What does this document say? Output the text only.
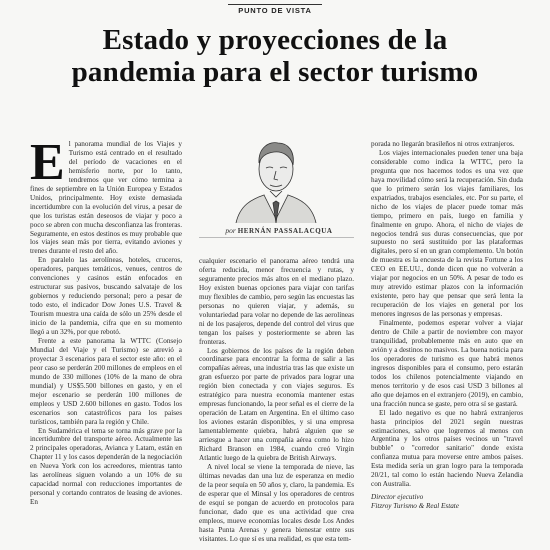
PUNTO DE VISTA
Estado y proyecciones de la
pandemia para el sector turismo

El panorama mundial de los Viajes y Turismo está centrado en el resultado del período de vacaciones en el hemisferio norte, por lo tanto, tendremos que ver cómo termina a fines de septiembre en la Unión Europea y Estados Unidos, principalmente. Hoy existe demasiada incertidumbre con la evolución del virus, a pesar de que los turistas están deseosos de viajar y poco a poco se abren con mucha desconfianza las fronteras. Seguramente, en estos destinos es muy probable que los viajes sean más por tierra, evitando aviones y trenes durante el resto del año.

En paralelo las aerolíneas, hoteles, cruceros, operadores, parques temáticos, venues, centros de convenciones y casinos están enfocados en estructurar sus pasivos, buscando salvataje de los gobiernos y reduciendo personal; pero a pesar de todo esto, el indicador Dow Jones U.S. Travel & Tourism muestra una caída de sólo un 25% desde el inicio de la pandemia, cifra que en su momento llegó a un 32%, por que rebotó.

Frente a este panorama la WTTC (Consejo Mundial del Viaje y el Turismo) se atrevió a proyectar 3 escenarios para el sector este año: en el peor caso se perderán 200 millones de empleos en el mundo de 330 millones (10% de la mano de obra mundial) y US$5.500 billones en gasto, y en el mejor escenario se perderán 100 millones de empleos y USD 2.600 billones en gasto. Todos los escenarios son catastróficos para los países turísticos, también para la región y Chile.

En Sudamérica el tema se torna más grave por la incertidumbre del transporte aéreo. Actualmente las 2 principales operadoras, Avianca y Latam, están en Chapter 11 y los casos dependerán de la negociación en Nueva York con los acreedores, mientras tanto las aerolíneas siguen volando a un 10% de su capacidad normal con reducciones importantes de personal y cortando contratos de leasing de aviones. En

por HERNÁN PASSALACQUA

cualquier escenario el panorama aéreo tendrá una oferta reducida, menor frecuencia y rutas, y seguramente precios más altos en el mediano plazo. Hoy existen buenas opciones para viajar con tarifas muy flexibles de cambio, pero según las encuestas las personas no quieren viajar, y además, su voluntariedad para volar no depende de las aerolíneas ni de los pasajeros, depende del control del virus que tengan los países y posteriormente se abren las fronteras.

Los gobiernos de los países de la región deben coordinarse para encontrar la forma de salir a las compañías aéreas, una industria tras las que existe un gran esfuerzo por parte de privados para lograr una región bien conectada y con viajes seguros. Es estratégico para nuestra economía mantener estas empresas funcionando, la peor señal es el cierre de la operación de Latam en Argentina. En el último caso los aviones estarán disponibles, y si una empresa lamentablemente quiebra, habrá alguien que se arriesgue a hacer una compañía aérea como lo hizo Richard Branson en 1984, cuando creó Virgin Atlantic luego de la quiebra de British Airways.

A nivel local se viene la temporada de nieve, las últimas nevadas dan una luz de esperanza en medio de la peor sequía en 50 años y, claro, la pandemia. Es de esperar que el Minsal y los operadores de centros de esquí se pongan de acuerdo en protocolos para funcionar, dado que es una actividad que crea empleos, mueve economías locales desde Los Andes hasta Punta Arenas y genera bienestar entre sus visitantes. Lo que sí es una realidad, es que esta tem-

porada no llegarán brasileños ni otros extranjeros.

Los viajes internacionales pueden tener una baja considerable como indica la WTTC, pero la pregunta que nos hacemos todos es una vez que haya movilidad cómo será la recuperación. Sin duda que lo primero serán los viajes familiares, los expatriados, trabajos esenciales, etc. Por su parte, el nicho de los viajes de placer puede tomar más tiempo, primero en país, luego en familia y finalmente en grupo. Ahora, el nicho de viajes de negocios tendrá sus duras consecuencias, que por supuesto no será sustituido por las plataformas digitales, pero sí en un gran complemento. Un botón de muestra es la encuesta de la revista Fortune a los CEO en EE.UU., donde dicen que no volverán a viajar por negocios en un 50%. A pesar de todo es muy atrevido estimar plazos con la información existente, pero hay que pensar que será lenta la recuperación de los viajes en general por los menores ingresos de las personas y empresas.

Finalmente, podemos esperar volver a viajar dentro de Chile a partir de noviembre con mayor tranquilidad, probablemente más en auto que en avión y a destinos no masivos. La buena noticia para los operadores de turismo es que habrá menos ingresos disponibles para el consumo, pero estarán todos los chilenos potencialmente viajando en menos territorio y de esos casi USD 3 billones al año que dejamos en el extranjero (2019), en cambio, una fracción nunca se gaste, pero otra sí se gastará.

El lado negativo es que no habrá extranjeros hasta principios del 2021 según nuestras estimaciones, salvo que logremos al menos con Argentina y los otros países vecinos un "travel bubble" o "corredor sanitario" donde exista confianza mutua para moverse entre ambos países. Esta medida sería un gran logro para la temporada 20/21, tal como lo están haciendo Nueva Zelandia con Australia.

Director ejecutivo

Fitzroy Turismo & Real Estate
